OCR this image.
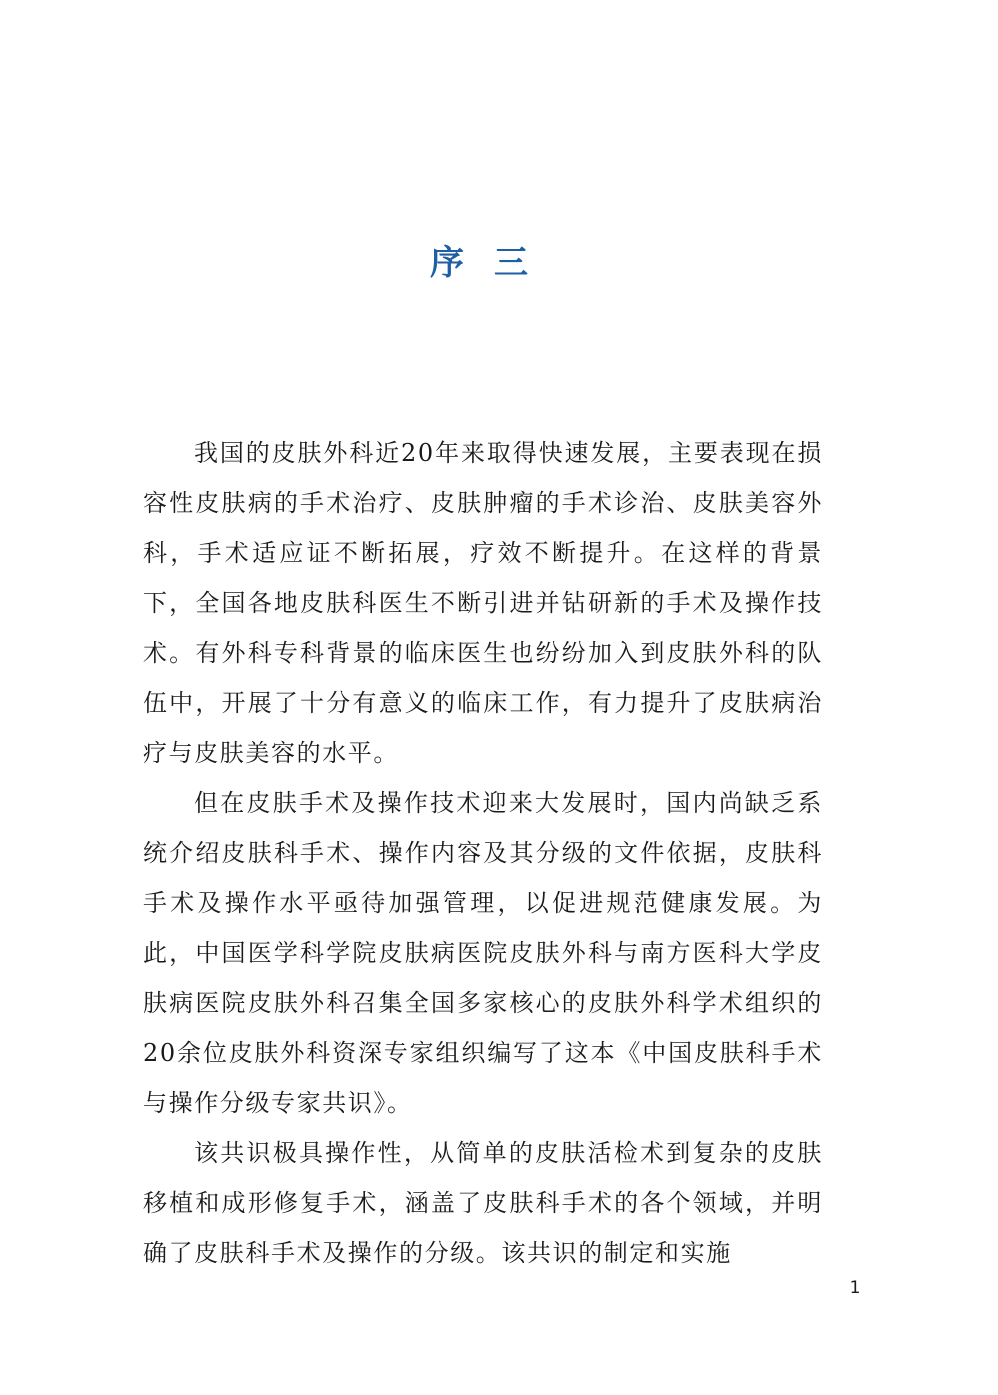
序 三

我国的皮肤外科近20年来取得快速发展，主要表现在损容性皮肤病的手术治疗、皮肤肿瘤的手术诊治、皮肤美容外科，手术适应证不断拓展，疗效不断提升。在这样的背景下，全国各地皮肤科医生不断引进并钻研新的手术及操作技术。有外科专科背景的临床医生也纷纷加入到皮肤外科的队伍中，开展了十分有意义的临床工作，有力提升了皮肤病治疗与皮肤美容的水平。

但在皮肤手术及操作技术迎来大发展时，国内尚缺乏系统介绍皮肤科手术、操作内容及其分级的文件依据，皮肤科手术及操作水平亟待加强管理，以促进规范健康发展。为此，中国医学科学院皮肤病医院皮肤外科与南方医科大学皮肤病医院皮肤外科召集全国多家核心的皮肤外科学术组织的20余位皮肤外科资深专家组织编写了这本《中国皮肤科手术与操作分级专家共识》。

该共识极具操作性，从简单的皮肤活检术到复杂的皮肤移植和成形修复手术，涵盖了皮肤科手术的各个领域，并明确了皮肤科手术及操作的分级。该共识的制定和实施

1
